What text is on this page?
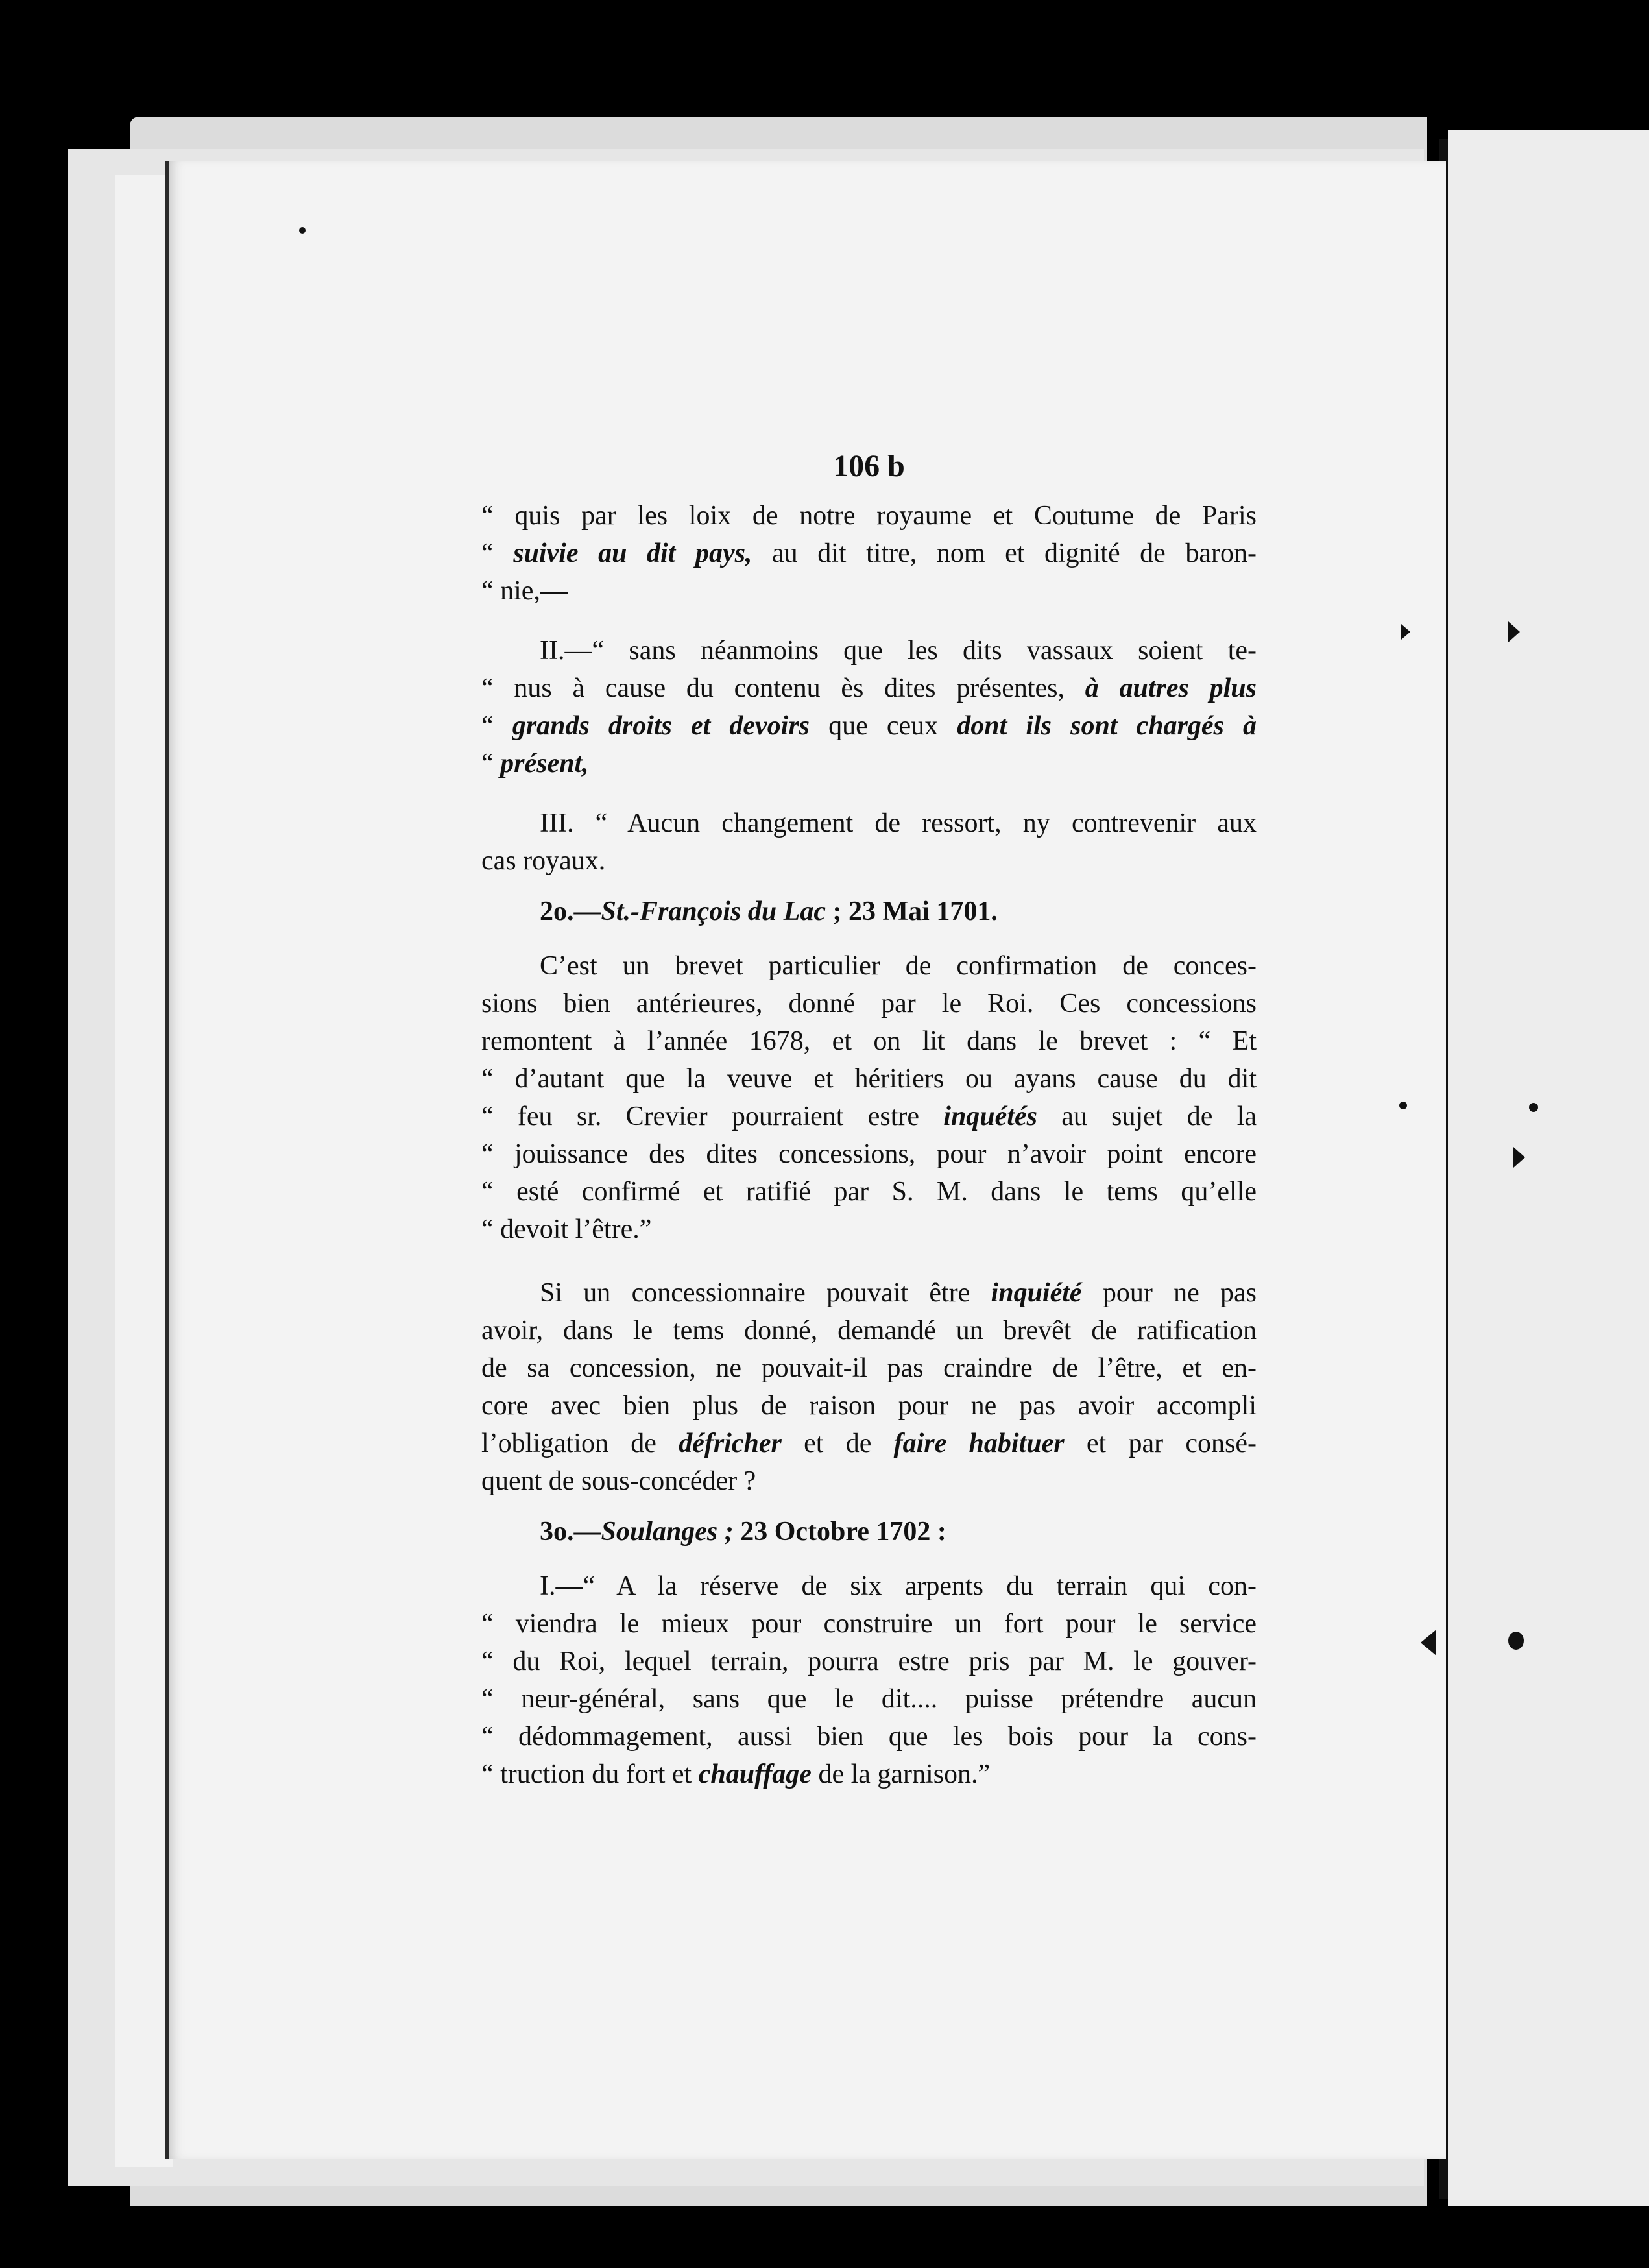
106 b
“ quis par les loix de notre royaume et Coutume de Paris
“ suivie au dit pays, au dit titre, nom et dignité de baron-
“ nie,—
II.—“ sans néanmoins que les dits vassaux soient te-
“ nus à cause du contenu ès dites présentes, à autres plus
“ grands droits et devoirs que ceux dont ils sont chargés à
“ présent,
III. “ Aucun changement de ressort, ny contrevenir aux
cas royaux.
2o.—St.-François du Lac ; 23 Mai 1701.
C’est un brevet particulier de confirmation de conces-
sions bien antérieures, donné par le Roi. Ces concessions
remontent à l’année 1678, et on lit dans le brevet : “ Et
“ d’autant que la veuve et héritiers ou ayans cause du dit
“ feu sr. Crevier pourraient estre inquétés au sujet de la
“ jouissance des dites concessions, pour n’avoir point encore
“ esté confirmé et ratifié par S. M. dans le tems qu’elle
“ devoit l’être.”
Si un concessionnaire pouvait être inquiété pour ne pas
avoir, dans le tems donné, demandé un brevêt de ratification
de sa concession, ne pouvait-il pas craindre de l’être, et en-
core avec bien plus de raison pour ne pas avoir accompli
l’obligation de défricher et de faire habituer et par consé-
quent de sous-concéder ?
3o.—Soulanges ; 23 Octobre 1702 :
I.—“ A la réserve de six arpents du terrain qui con-
“ viendra le mieux pour construire un fort pour le service
“ du Roi, lequel terrain, pourra estre pris par M. le gouver-
“ neur-général, sans que le dit.... puisse prétendre aucun
“ dédommagement, aussi bien que les bois pour la cons-
“ truction du fort et chauffage de la garnison.”
